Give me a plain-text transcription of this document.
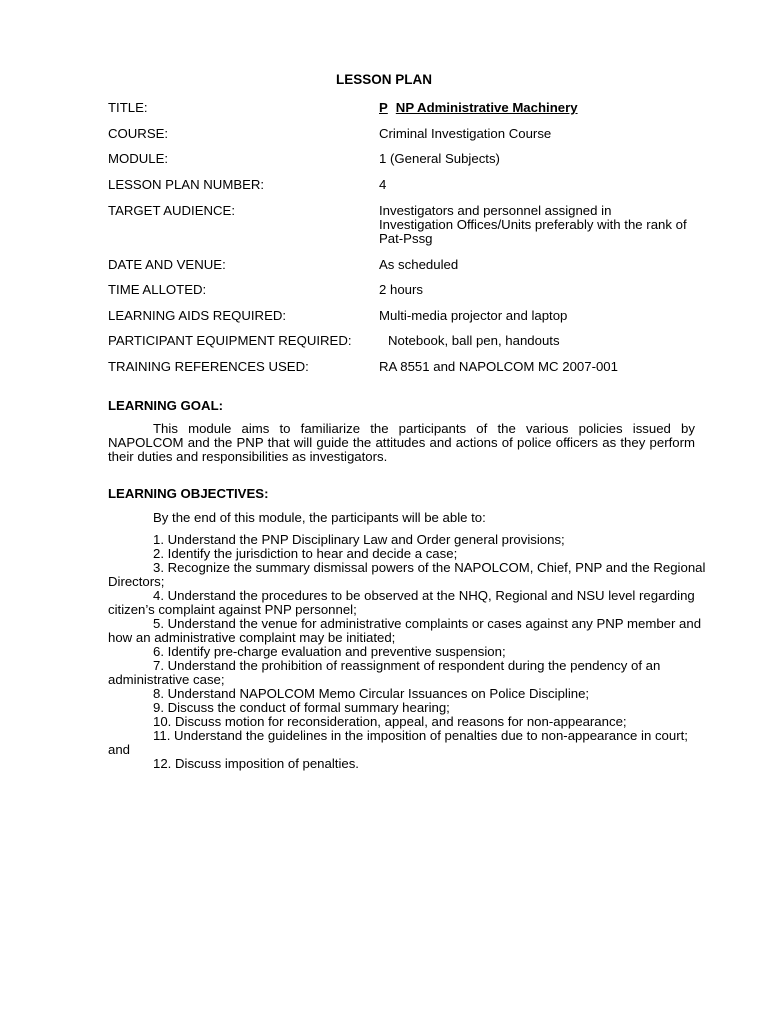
LESSON PLAN
TITLE:	P NP Administrative Machinery
COURSE:	Criminal Investigation Course
MODULE:	1 (General Subjects)
LESSON PLAN NUMBER:	4
TARGET AUDIENCE:	Investigators and personnel assigned in Investigation Offices/Units preferably with the rank of Pat-Pssg
DATE AND VENUE:	As scheduled
TIME ALLOTED:	2 hours
LEARNING AIDS REQUIRED:	Multi-media projector and laptop
PARTICIPANT EQUIPMENT REQUIRED:	Notebook, ball pen, handouts
TRAINING REFERENCES USED:	RA 8551 and NAPOLCOM MC 2007-001
LEARNING GOAL:
This module aims to familiarize the participants of the various policies issued by NAPOLCOM and the PNP that will guide the attitudes and actions of police officers as they perform their duties and responsibilities as investigators.
LEARNING OBJECTIVES:
By the end of this module, the participants will be able to:

1. Understand the PNP Disciplinary Law and Order general provisions;

2. Identify the jurisdiction to hear and decide a case;

3. Recognize the summary dismissal powers of the NAPOLCOM, Chief, PNP and the Regional Directors;

4. Understand the procedures to be observed at the NHQ, Regional and NSU level regarding citizen’s complaint against PNP personnel;

5. Understand the venue for administrative complaints or cases against any PNP member and how an administrative complaint may be initiated;

6. Identify pre-charge evaluation and preventive suspension;

7. Understand the prohibition of reassignment of respondent during the pendency of an administrative case;

8. Understand NAPOLCOM Memo Circular Issuances on Police Discipline;

9. Discuss the conduct of formal summary hearing;

10. Discuss motion for reconsideration, appeal, and reasons for non-appearance;

11. Understand the guidelines in the imposition of penalties due to non-appearance in court; and

12. Discuss imposition of penalties.
